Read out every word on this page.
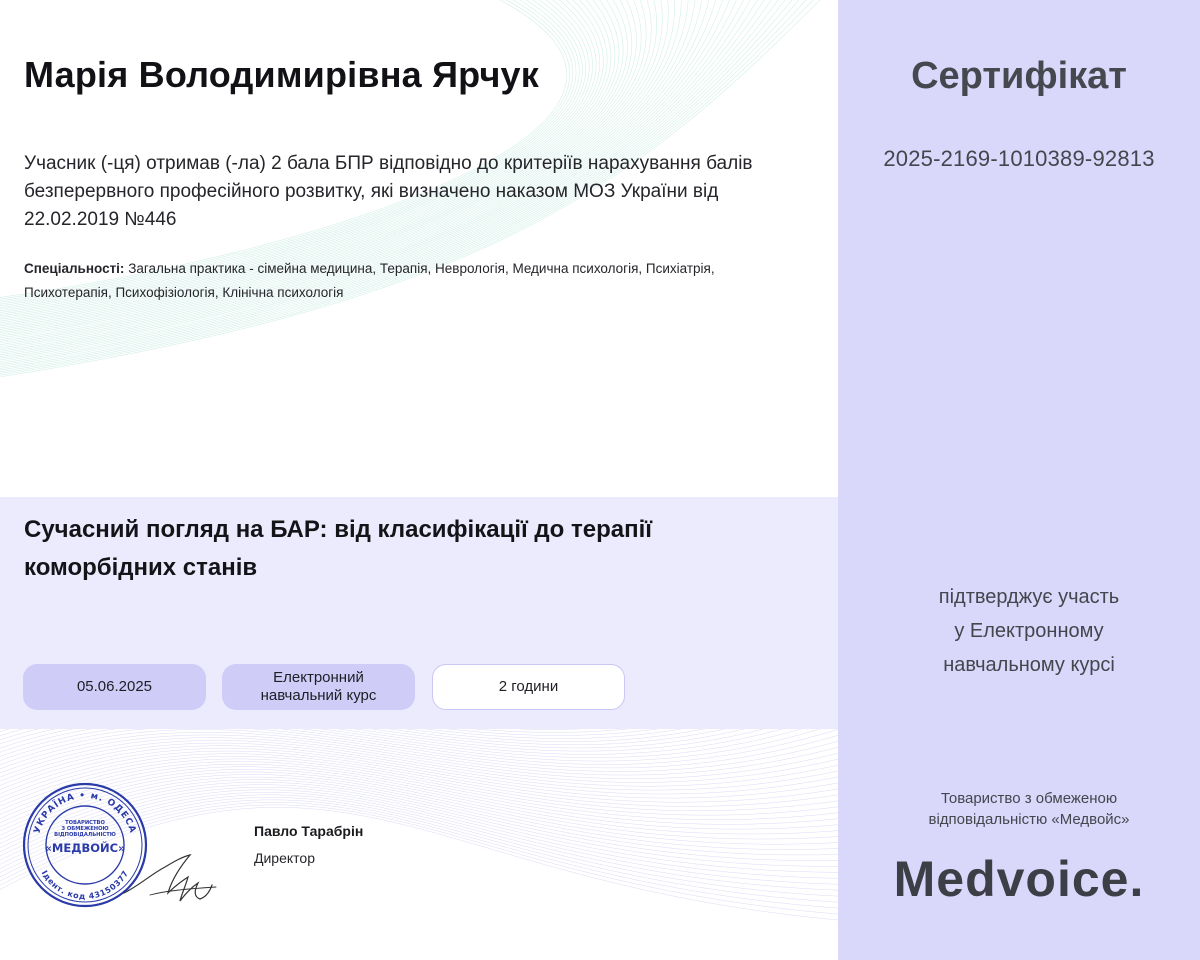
Марія Володимирівна Ярчук
Учасник (-ця) отримав (-ла) 2 бала БПР відповідно до критеріїв нарахування балів безперервного професійного розвитку, які визначено наказом МОЗ України від 22.02.2019 №446
Спеціальності: Загальна практика - сімейна медицина, Терапія, Неврологія, Медична психологія, Психіатрія, Психотерапія, Психофізіологія, Клінічна психологія
Сучасний погляд на БАР: від класифікації до терапії коморбідних станів
05.06.2025
Електронний навчальний курс
2 години
Сертифікат
2025-2169-1010389-92813
підтверджує участь
у Електронному
навчальному курсі
Товариство з обмеженою
відповідальністю «Медвойс»
Medvoice.
УКРАЇНА • м. ОДЕСА
Ідент. код 43150377
ТОВАРИСТВО
З ОБМЕЖЕНОЮ
ВІДПОВІДАЛЬНІСТЮ
«МЕДВОЙС»
Павло Тарабрін
Директор
